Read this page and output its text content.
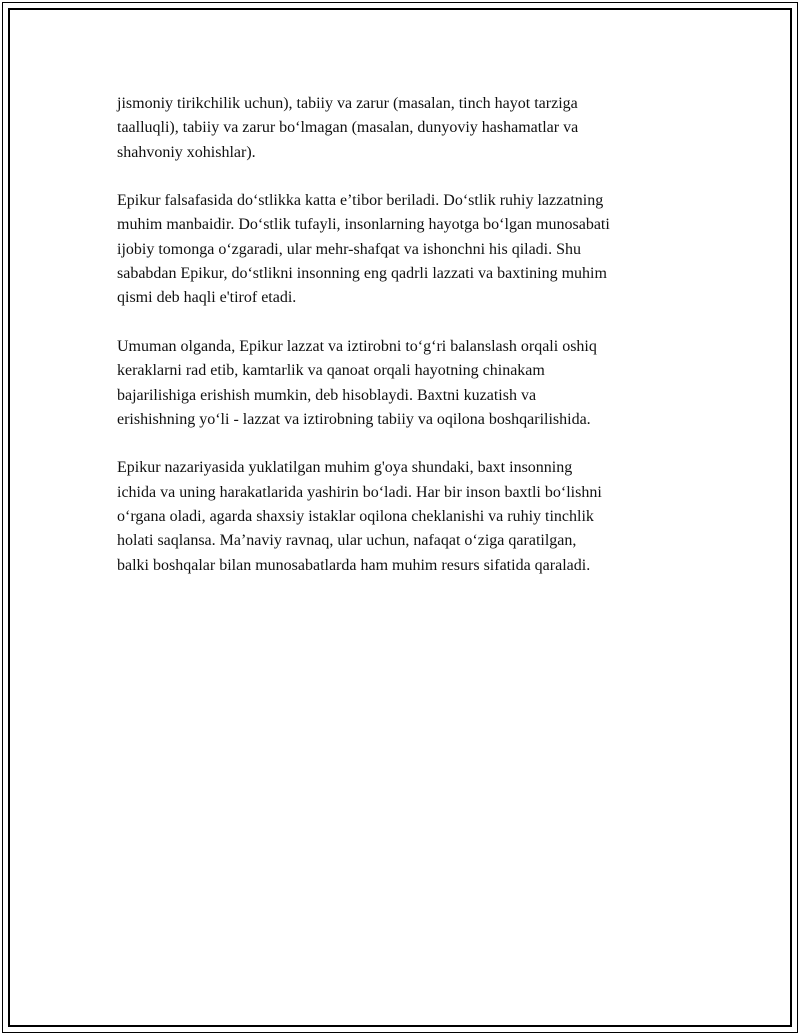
jismoniy tirikchilik uchun), tabiiy va zarur (masalan, tinch hayot tarziga
taalluqli), tabiiy va zarur bo‘lmagan (masalan, dunyoviy hashamatlar va
shahvoniy xohishlar).

Epikur falsafasida do‘stlikka katta e’tibor beriladi. Do‘stlik ruhiy lazzatning
muhim manbaidir. Do‘stlik tufayli, insonlarning hayotga bo‘lgan munosabati
ijobiy tomonga o‘zgaradi, ular mehr-shafqat va ishonchni his qiladi. Shu
sababdan Epikur, do‘stlikni insonning eng qadrli lazzati va baxtining muhim
qismi deb haqli e'tirof etadi.

Umuman olganda, Epikur lazzat va iztirobni to‘g‘ri balanslash orqali oshiq
keraklarni rad etib, kamtarlik va qanoat orqali hayotning chinakam
bajarilishiga erishish mumkin, deb hisoblaydi. Baxtni kuzatish va
erishishning yo‘li - lazzat va iztirobning tabiiy va oqilona boshqarilishida.

Epikur nazariyasida yuklatilgan muhim g'oya shundaki, baxt insonning
ichida va uning harakatlarida yashirin bo‘ladi. Har bir inson baxtli bo‘lishni
o‘rgana oladi, agarda shaxsiy istaklar oqilona cheklanishi va ruhiy tinchlik
holati saqlansa. Ma’naviy ravnaq, ular uchun, nafaqat o‘ziga qaratilgan,
balki boshqalar bilan munosabatlarda ham muhim resurs sifatida qaraladi.
